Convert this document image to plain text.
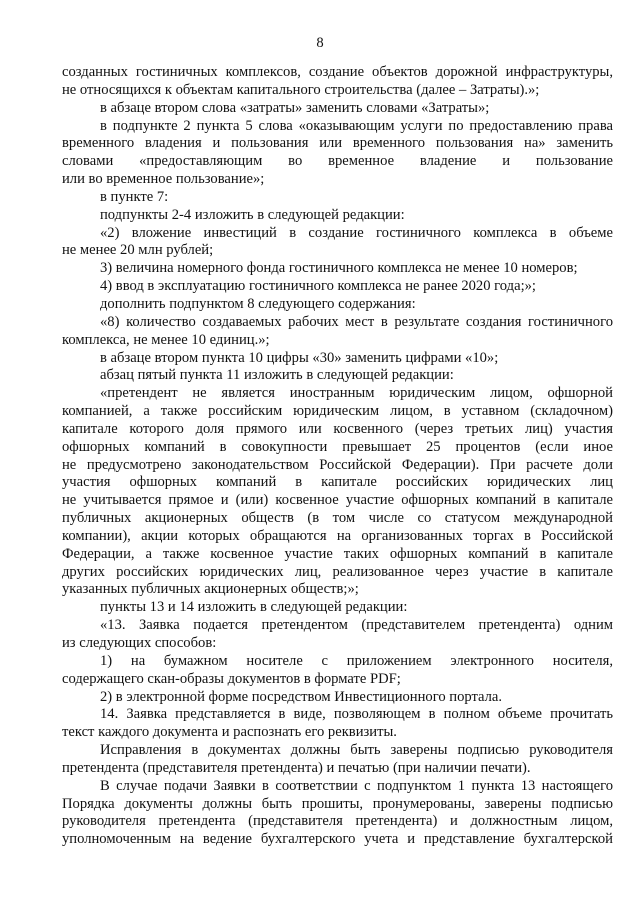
8
созданных гостиничных комплексов, создание объектов дорожной инфраструктуры,
не относящихся к объектам капитального строительства (далее – Затраты).»;
в абзаце втором слова «затраты» заменить словами «Затраты»;
в подпункте 2 пункта 5 слова «оказывающим услуги по предоставлению права
временного владения и пользования или временного пользования на» заменить
словами «предоставляющим во временное владение и пользование
или во временное пользование»;
в пункте 7:
подпункты 2-4 изложить в следующей редакции:
«2) вложение инвестиций в создание гостиничного комплекса в объеме
не менее 20 млн рублей;
3) величина номерного фонда гостиничного комплекса не менее 10 номеров;
4) ввод в эксплуатацию гостиничного комплекса не ранее 2020 года;»;
дополнить подпунктом 8 следующего содержания:
«8) количество создаваемых рабочих мест в результате создания гостиничного
комплекса, не менее 10 единиц.»;
в абзаце втором пункта 10 цифры «30» заменить цифрами «10»;
абзац пятый пункта 11 изложить в следующей редакции:
«претендент не является иностранным юридическим лицом, офшорной
компанией, а также российским юридическим лицом, в уставном (складочном)
капитале которого доля прямого или косвенного (через третьих лиц) участия
офшорных компаний в совокупности превышает 25 процентов (если иное
не предусмотрено законодательством Российской Федерации). При расчете доли
участия офшорных компаний в капитале российских юридических лиц
не учитывается прямое и (или) косвенное участие офшорных компаний в капитале
публичных акционерных обществ (в том числе со статусом международной
компании), акции которых обращаются на организованных торгах в Российской
Федерации, а также косвенное участие таких офшорных компаний в капитале
других российских юридических лиц, реализованное через участие в капитале
указанных публичных акционерных обществ;»;
пункты 13 и 14 изложить в следующей редакции:
«13. Заявка подается претендентом (представителем претендента) одним
из следующих способов:
1) на бумажном носителе с приложением электронного носителя,
содержащего скан-образы документов в формате PDF;
2) в электронной форме посредством Инвестиционного портала.
14. Заявка представляется в виде, позволяющем в полном объеме прочитать
текст каждого документа и распознать его реквизиты.
Исправления в документах должны быть заверены подписью руководителя
претендента (представителя претендента) и печатью (при наличии печати).
В случае подачи Заявки в соответствии с подпунктом 1 пункта 13 настоящего
Порядка документы должны быть прошиты, пронумерованы, заверены подписью
руководителя претендента (представителя претендента) и должностным лицом,
уполномоченным на ведение бухгалтерского учета и представление бухгалтерской
